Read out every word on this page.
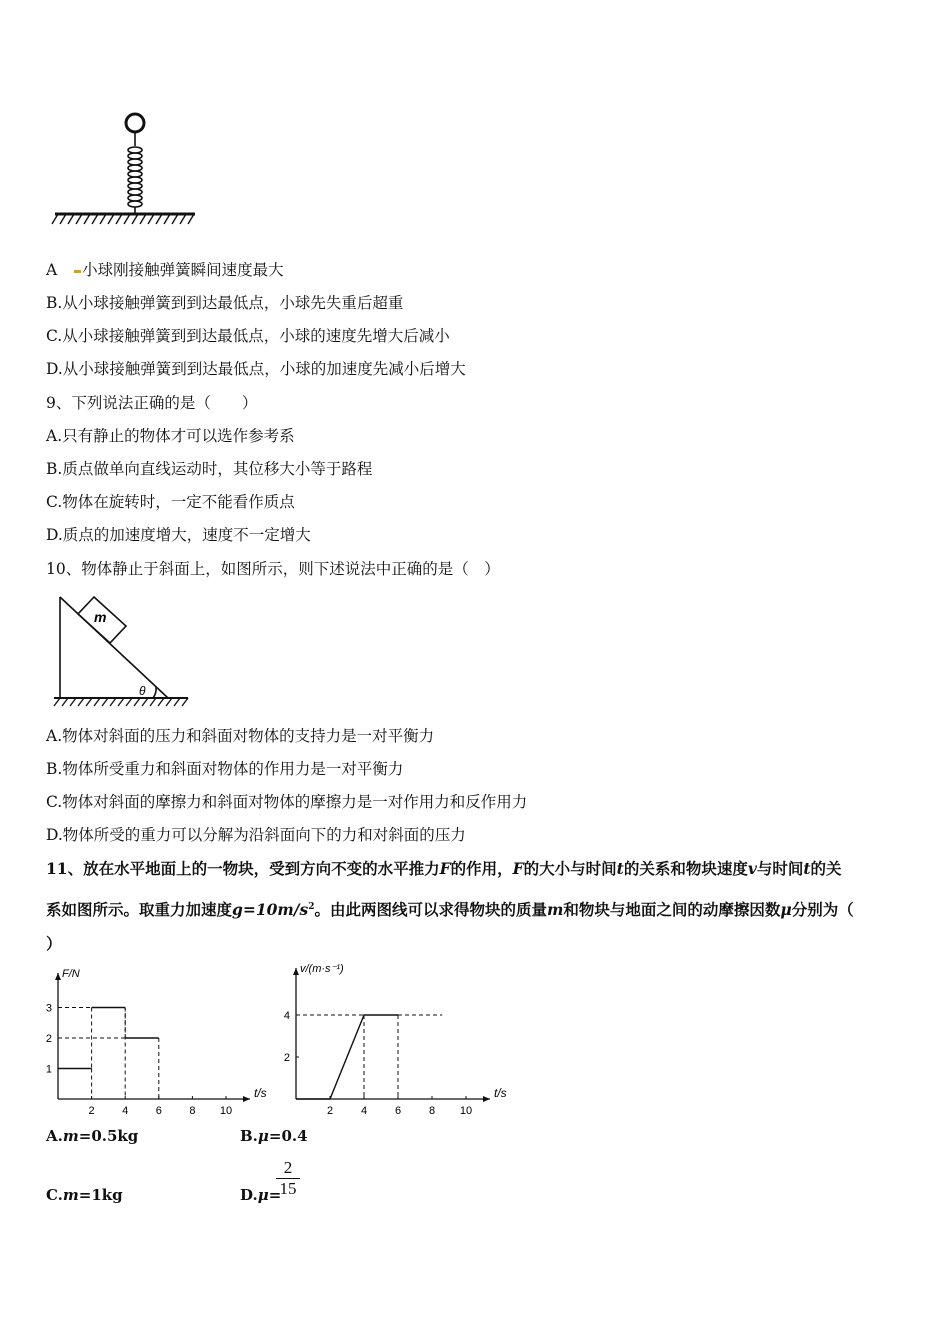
A 小球刚接触弹簧瞬间速度最大
B.从小球接触弹簧到到达最低点，小球先失重后超重
C.从小球接触弹簧到到达最低点，小球的速度先增大后减小
D.从小球接触弹簧到到达最低点，小球的加速度先减小后增大
9、下列说法正确的是（　　）
A.只有静止的物体才可以选作参考系
B.质点做单向直线运动时，其位移大小等于路程
C.物体在旋转时，一定不能看作质点
D.质点的加速度增大，速度不一定增大
10、物体静止于斜面上，如图所示，则下述说法中正确的是（　）
m
θ
A.物体对斜面的压力和斜面对物体的支持力是一对平衡力
B.物体所受重力和斜面对物体的作用力是一对平衡力
C.物体对斜面的摩擦力和斜面对物体的摩擦力是一对作用力和反作用力
D.物体所受的重力可以分解为沿斜面向下的力和对斜面的压力
11、放在水平地面上的一物块，受到方向不变的水平推力F的作用，F的大小与时间t的关系和物块速度v与时间t的关
系如图所示。取重力加速度$g=10m/s^2$。由此两图线可以求得物块的质量m和物块与地面之间的动摩擦因数μ分别为（
）
t/s
F/N
2 4 6 8 10
1
2
3
t/s
v/(m·s⁻¹)
2	4	6	8 10
2
4
A.m=0.5kg	B.μ=0.4
C.m=1kg	D.μ=
2
15
